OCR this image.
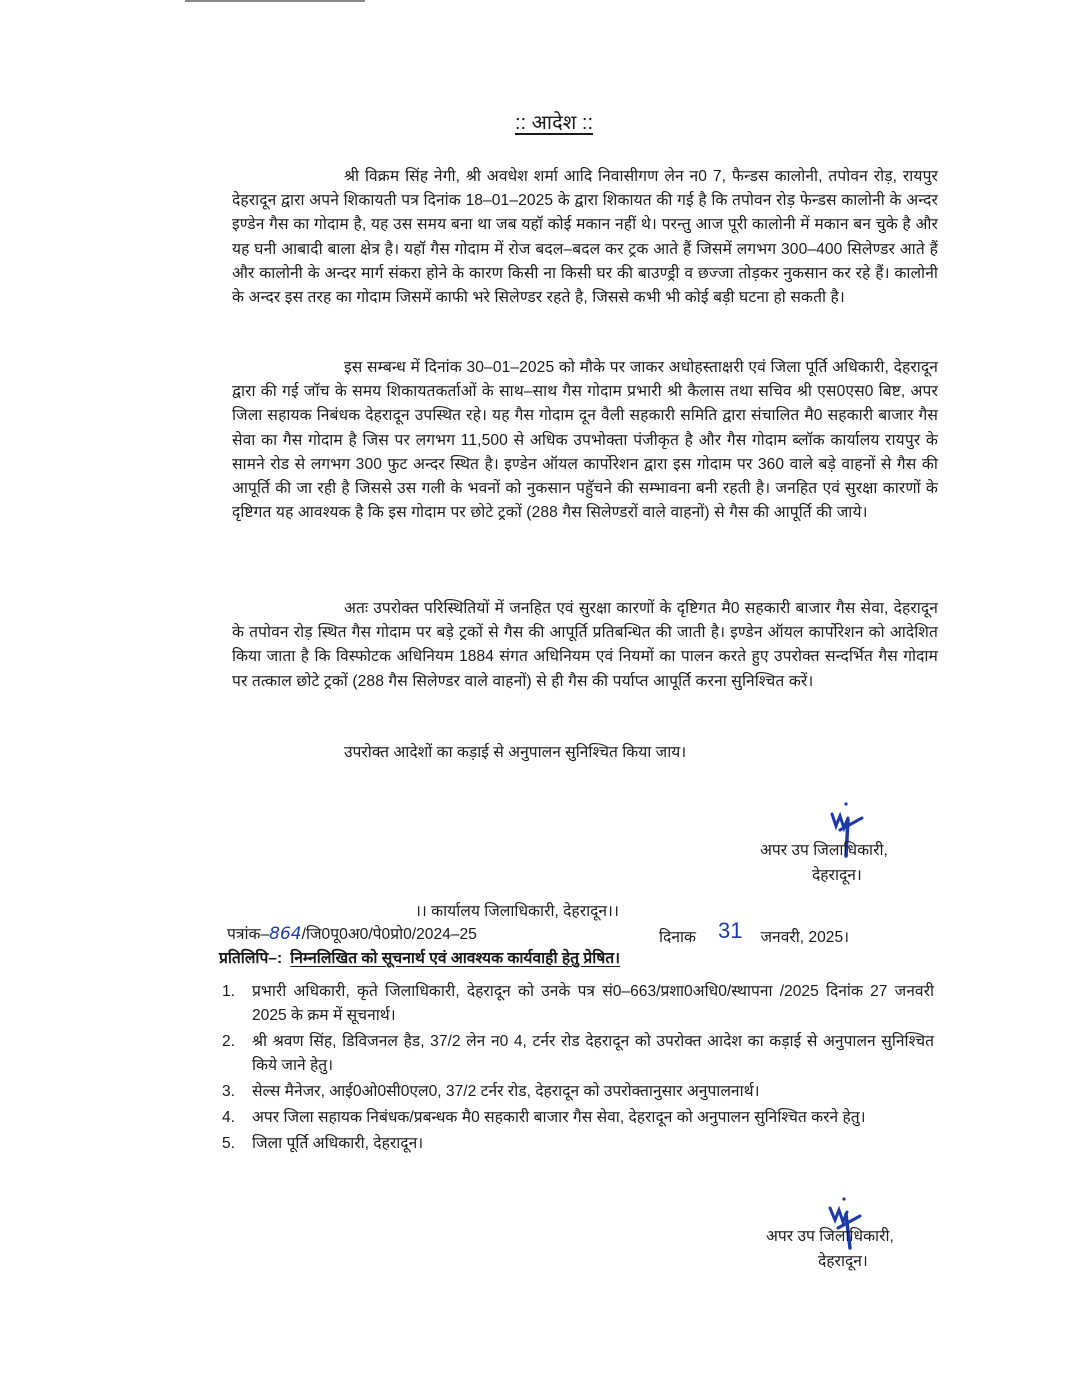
:: आदेश ::
श्री विक्रम सिंह नेगी, श्री अवधेश शर्मा आदि निवासीगण लेन न0 7, फैन्डस कालोनी, तपोवन रोड़, रायपुर देहरादून द्वारा अपने शिकायती पत्र दिनांक 18–01–2025 के द्वारा शिकायत की गई है कि तपोवन रोड़ फेन्डस कालोनी के अन्दर इण्डेन गैस का गोदाम है, यह उस समय बना था जब यहॉ कोई मकान नहीं थे। परन्तु आज पूरी कालोनी में मकान बन चुके है और यह घनी आबादी बाला क्षेत्र है। यहॉ गैस गोदाम में रोज बदल–बदल कर ट्रक आते हैं जिसमें लगभग 300–400 सिलेण्डर आते हैं और कालोनी के अन्दर मार्ग संकरा होने के कारण किसी ना किसी घर की बाउण्ड्री व छज्जा तोड़कर नुकसान कर रहे हैं। कालोनी के अन्दर इस तरह का गोदाम जिसमें काफी भरे सिलेण्डर रहते है, जिससे कभी भी कोई बड़ी घटना हो सकती है।
इस सम्बन्ध में दिनांक 30–01–2025 को मौके पर जाकर अधोहस्ताक्षरी एवं जिला पूर्ति अधिकारी, देहरादून द्वारा की गई जॉच के समय शिकायतकर्ताओं के साथ–साथ गैस गोदाम प्रभारी श्री कैलास तथा सचिव श्री एस0एस0 बिष्ट, अपर जिला सहायक निबंधक देहरादून उपस्थित रहे। यह गैस गोदाम दून वैली सहकारी समिति द्वारा संचालित मै0 सहकारी बाजार गैस सेवा का गैस गोदाम है जिस पर लगभग 11,500 से अधिक उपभोक्ता पंजीकृत है और गैस गोदाम ब्लॉक कार्यालय रायपुर के सामने रोड से लगभग 300 फुट अन्दर स्थित है। इण्डेन ऑयल कार्पोरेशन द्वारा इस गोदाम पर 360 वाले बड़े वाहनों से गैस की आपूर्ति की जा रही है जिससे उस गली के भवनों को नुकसान पहुॅचने की सम्भावना बनी रहती है। जनहित एवं सुरक्षा कारणों के दृष्टिगत यह आवश्यक है कि इस गोदाम पर छोटे ट्रकों (288 गैस सिलेण्डरों वाले वाहनों) से गैस की आपूर्ति की जाये।
अतः उपरोक्त परिस्थितियों में जनहित एवं सुरक्षा कारणों के दृष्टिगत मै0 सहकारी बाजार गैस सेवा, देहरादून के तपोवन रोड़ स्थित गैस गोदाम पर बड़े ट्रकों से गैस की आपूर्ति प्रतिबन्धित की जाती है। इण्डेन ऑयल कार्पोरेशन को आदेशित किया जाता है कि विस्फोटक अधिनियम 1884 संगत अधिनियम एवं नियमों का पालन करते हुए उपरोक्त सन्दर्भित गैस गोदाम पर तत्काल छोटे ट्रकों (288 गैस सिलेण्डर वाले वाहनों) से ही गैस की पर्याप्त आपूर्ति करना सुनिश्चित करें।
उपरोक्त आदेशों का कड़ाई से अनुपालन सुनिश्चित किया जाय।
अपर उप जिलाधिकारी,
देहरादून।
।। कार्यालय जिलाधिकारी, देहरादून।।
पत्रांक–864/जि0पू0अ0/पे0प्रो0/2024–25	दिनाक 31 जनवरी, 2025।
प्रतिलिपि–: निम्नलिखित को सूचनार्थ एवं आवश्यक कार्यवाही हेतु प्रेषित।
1. प्रभारी अधिकारी, कृते जिलाधिकारी, देहरादून को उनके पत्र सं0–663/प्रशा0अधि0/स्थापना /2025 दिनांक 27 जनवरी 2025 के क्रम में सूचनार्थ।
2. श्री श्रवण सिंह, डिविजनल हैड, 37/2 लेन न0 4, टर्नर रोड देहरादून को उपरोक्त आदेश का कड़ाई से अनुपालन सुनिश्चित किये जाने हेतु।
3. सेल्स मैनेजर, आई0ओ0सी0एल0, 37/2 टर्नर रोड, देहरादून को उपरोक्तानुसार अनुपालनार्थ।
4. अपर जिला सहायक निबंधक/प्रबन्धक मै0 सहकारी बाजार गैस सेवा, देहरादून को अनुपालन सुनिश्चित करने हेतु।
5. जिला पूर्ति अधिकारी, देहरादून।
अपर उप जिलाधिकारी,
देहरादून।
